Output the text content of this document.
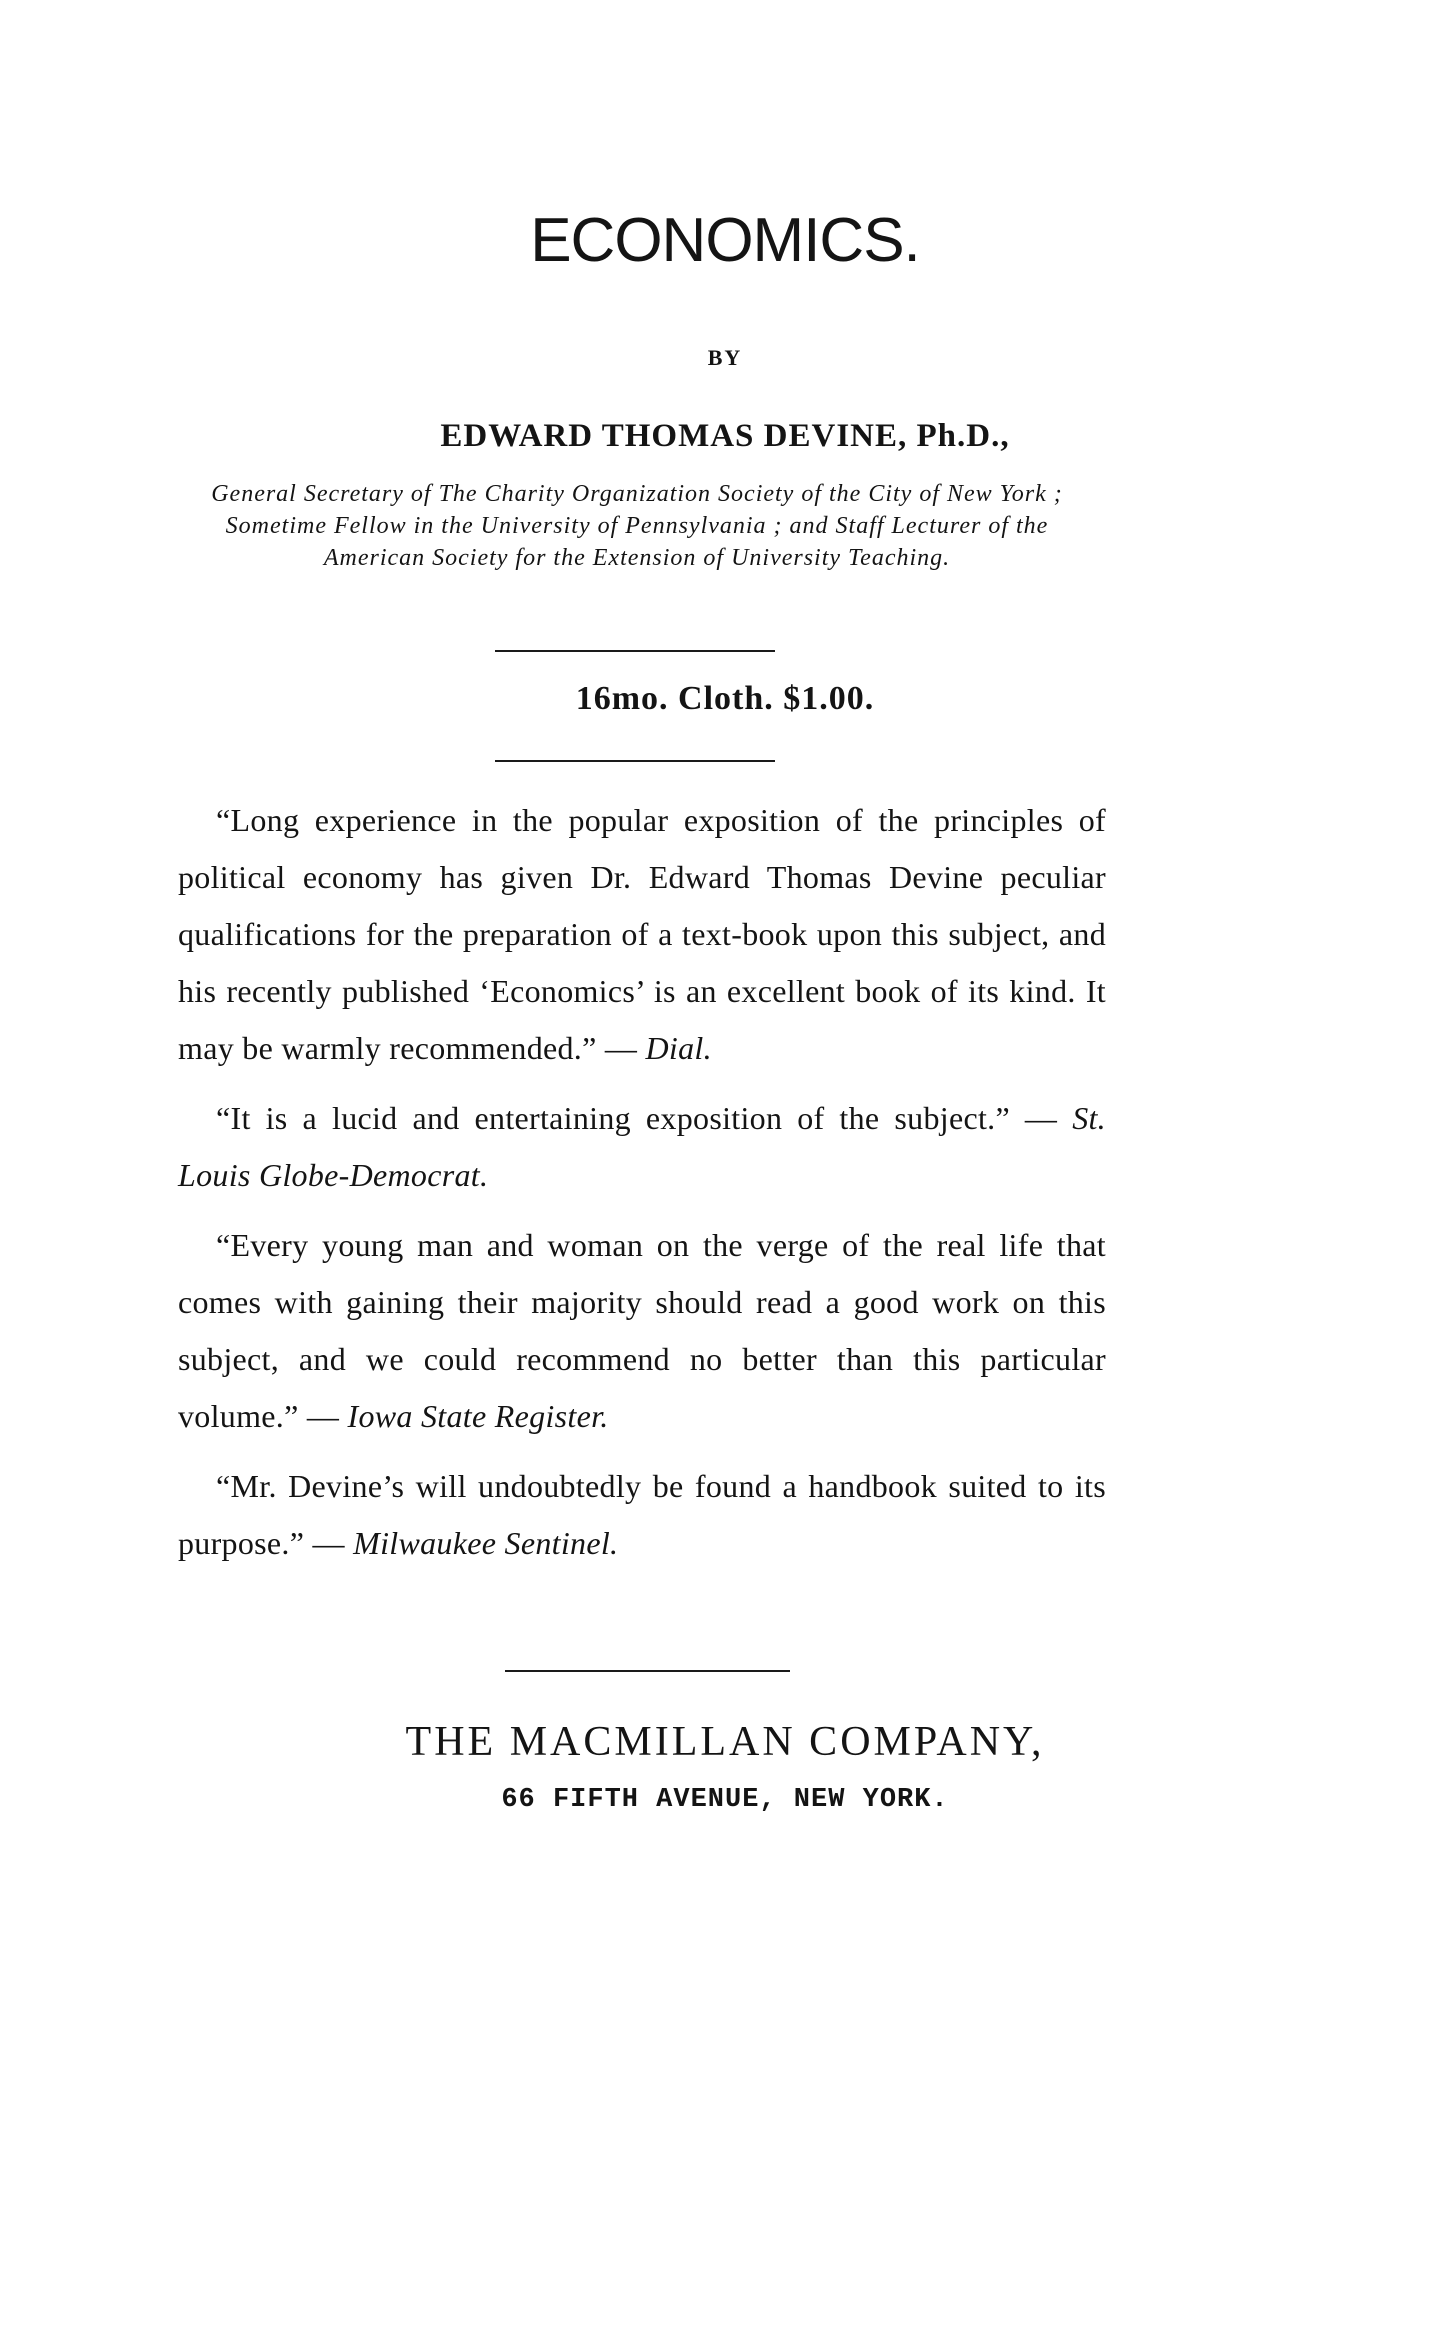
ECONOMICS.
BY
EDWARD THOMAS DEVINE, Ph.D.,
General Secretary of The Charity Organization Society of the City of New York ; Sometime Fellow in the University of Pennsylvania ; and Staff Lecturer of the American Society for the Extension of University Teaching.
16mo. Cloth. $1.00.

“Long experience in the popular exposition of the principles of political economy has given Dr. Edward Thomas Devine peculiar qualifications for the preparation of a text-book upon this subject, and his recently published ‘Economics’ is an excellent book of its kind. It may be warmly recommended.” — Dial.

“It is a lucid and entertaining exposition of the subject.” — St. Louis Globe-Democrat.

“Every young man and woman on the verge of the real life that comes with gaining their majority should read a good work on this subject, and we could recommend no better than this particular volume.” — Iowa State Register.

“Mr. Devine’s will undoubtedly be found a handbook suited to its purpose.” — Milwaukee Sentinel.

THE MACMILLAN COMPANY,
66 FIFTH AVENUE, NEW YORK.
